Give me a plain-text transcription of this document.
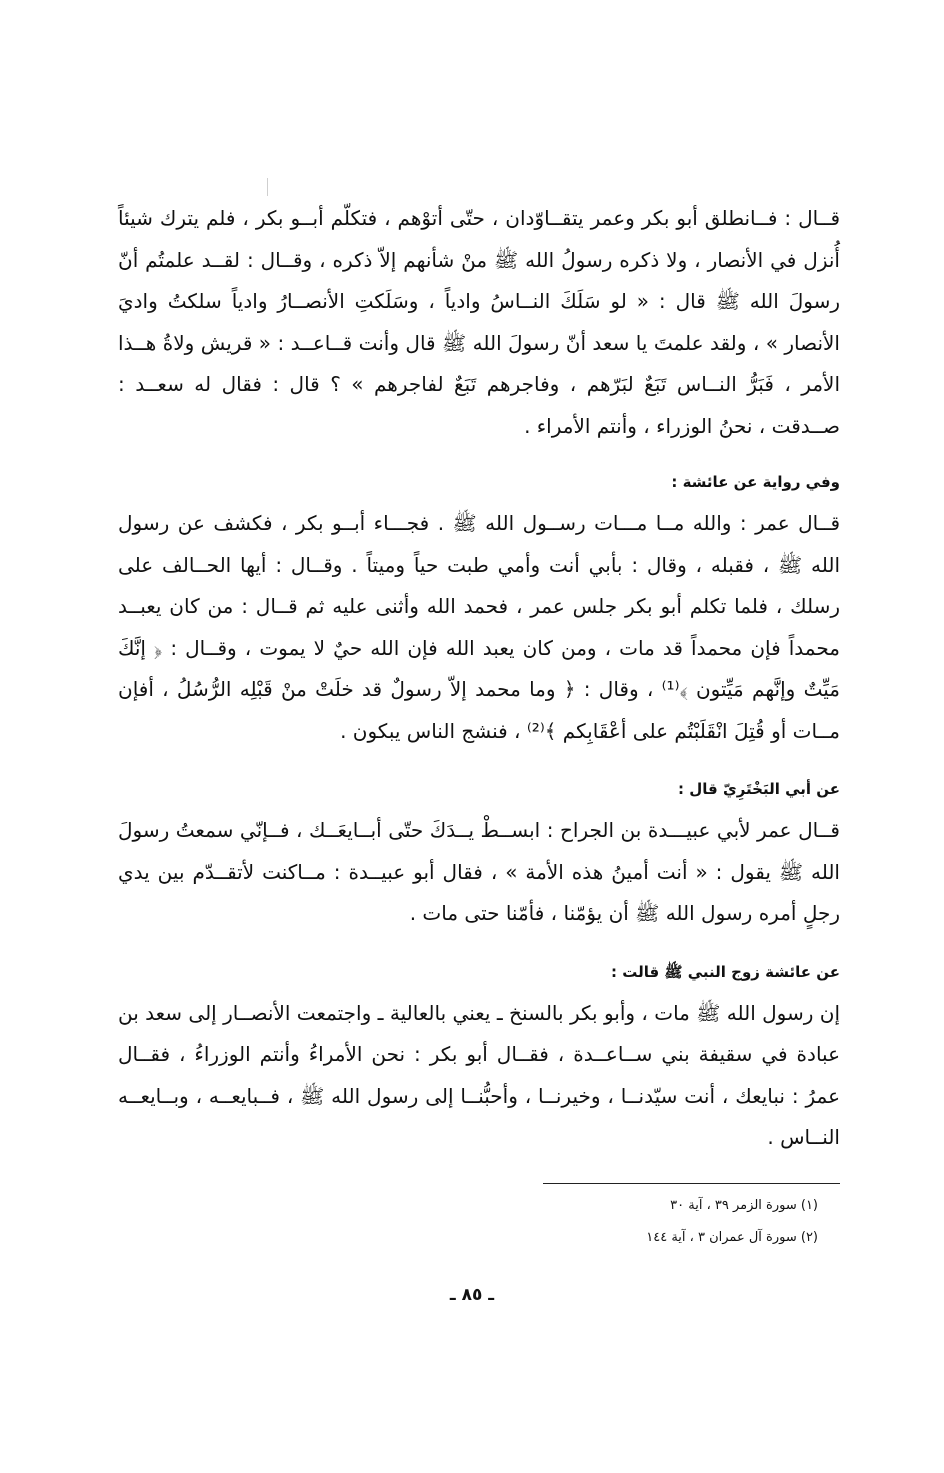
قــال : فــانطلق أبو بكر وعمر يتقــاوّدان ، حتّى أتوْهم ، فتكلّم أبــو بكر ، فلم يترك شيئاً أُنزل في الأنصار ، ولا ذكره رسولُ الله ﷺ منْ شأنهم إلاّ ذكره ، وقــال : لقــد علمتُم أنّ رسولَ الله ﷺ قال : « لو سَلَكَ النــاسُ وادياً ، وسَلَكتِ الأنصــارُ وادياً سلكتُ واديَ الأنصار » ، ولقد علمتَ يا سعد أنّ رسولَ الله ﷺ قال وأنت قــاعــد : « قريش ولاةُ هــذا الأمر ، فَبَرُّ النــاس تَبَعٌ لبَرّهم ، وفاجرهم تَبَعٌ لفاجرهم » ؟ قال : فقال له سعــد : صــدقت ، نحنُ الوزراء ، وأنتم الأمراء .

وفي رواية عن عائشة :

قــال عمر : والله مــا مـــات رســول الله ﷺ . فجـــاء أبــو بكر ، فكشف عن رسول الله ﷺ ، فقبله ، وقال : بأبي أنت وأمي طبت حياً وميتاً . وقــال : أيها الحــالف على رسلك ، فلما تكلم أبو بكر جلس عمر ، فحمد الله وأثنى عليه ثم قــال : من كان يعبــد محمداً فإن محمداً قد مات ، ومن كان يعبد الله فإن الله حيٌ لا يموت ، وقــال : ﴿ إنَّكَ مَيِّتٌ وإنَّهم مَيِّتون ﴾⁽¹⁾ ، وقال : ﴿ وما محمد إلاّ رسولٌ قد خلَتْ منْ قَبْلِه الرُّسُلُ ، أفإن مــات أو قُتِلَ انْقَلَبْتُم على أعْقَابِكم ﴾⁽²⁾ ، فنشج الناس يبكون .

عن أبي البَخْتَرِيّ قال :

قــال عمر لأبي عبيـــدة بن الجراح : ابســطْ يــدَكَ حتّى أبــايعَــك ، فــإنّي سمعتُ رسولَ الله ﷺ يقول : « أنت أمينُ هذه الأمة » ، فقال أبو عبيــدة : مــاكنت لأتقــدّم بين يدي رجلٍ أمره رسول الله ﷺ أن يؤمّنا ، فأمّنا حتى مات .

عن عائشة زوج النبي ﷺ قالت :

إن رسول الله ﷺ مات ، وأبو بكر بالسنخ ـ يعني بالعالية ـ واجتمعت الأنصــار إلى سعد بن عبادة في سقيفة بني ســاعــدة ، فقــال أبو بكر : نحن الأمراءُ وأنتم الوزراءُ ، فقــال عمرُ : نبايعك ، أنت سيّدنــا ، وخيرنــا ، وأحبُّنــا إلى رسول الله ﷺ ، فــبايعــه ، وبــايعــه النــاس .

(١) سورة الزمر ٣٩ ، آية ٣٠
(٢) سورة آل عمران ٣ ، آية ١٤٤
ـ ٨٥ ـ
